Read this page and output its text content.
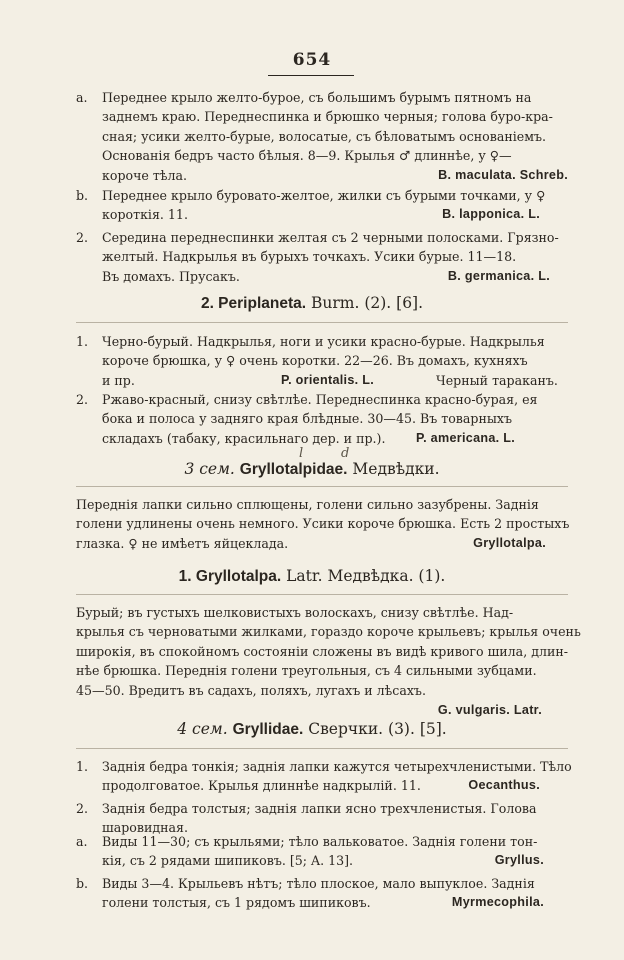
654
a. Переднее крыло желто-бурое, съ большимъ бурымъ пятномъ на
заднемъ краю. Переднеспинка и брюшко черныя; голова буро-кра-
сная; усики желто-бурые, волосатые, съ бѣловатымъ основаніемъ.
Основанія бедръ часто бѣлыя. 8—9. Крылья ♂ длиннѣе, у ♀—
короче тѣла.	B. maculata. Schreb.
b. Переднее крыло буровато-желтое, жилки съ бурыми точками, у ♀
короткія. 11.	B. lapponica. L.
2. Середина переднеспинки желтая съ 2 черными полосками. Грязно-
желтый. Надкрылья въ бурыхъ точкахъ. Усики бурые. 11—18.
Въ домахъ. Прусакъ.	B. germanica. L.
2. Periplaneta. Burm. (2). [6].
1. Черно-бурый. Надкрылья, ноги и усики красно-бурые. Надкрылья
короче брюшка, у ♀ очень коротки. 22—26. Въ домахъ, кухняхъ
и пр.	P. orientalis. L.	Черный тараканъ.
2. Ржаво-красный, снизу свѣтлѣе. Переднеспинка красно-бурая, ея
бока и полоса у задняго края блѣдные. 30—45. Въ товарныхъ
складахъ (табаку, красильнаго дер. и пр.). P. americana. L.
l	d
3 сем. Gryllotalpidae. Медвѣдки.
Переднія лапки сильно сплющены, голени сильно зазубрены. Заднія
голени удлинены очень немного. Усики короче брюшка. Есть 2 простыхъ
глазка. ♀ не имѣетъ яйцеклада.	Gryllotalpa.
1. Gryllotalpa. Latr. Медвѣдка. (1).
Бурый; въ густыхъ шелковистыхъ волоскахъ, снизу свѣтлѣе. Над-
крылья съ черноватыми жилками, гораздо короче крыльевъ; крылья очень
широкія, въ спокойномъ состояніи сложены въ видѣ кривого шила, длин-
нѣе брюшка. Переднія голени треугольныя, съ 4 сильными зубцами.
45—50. Вредитъ въ садахъ, поляхъ, лугахъ и лѣсахъ.
G. vulgaris. Latr.
4 сем. Gryllidae. Сверчки. (3). [5].
1. Заднія бедра тонкія; заднія лапки кажутся четырехчленистыми. Тѣло
продолговатое. Крылья длиннѣе надкрылій. 11.	Oecanthus.
2. Заднія бедра толстыя; заднія лапки ясно трехчленистыя. Голова
шаровидная.
a. Виды 11—30; съ крыльями; тѣло вальковатое. Заднія голени тон-
кія, съ 2 рядами шипиковъ. [5; A. 13].	Gryllus.
b. Виды 3—4. Крыльевъ нѣтъ; тѣло плоское, мало выпуклое. Заднія
голени толстыя, съ 1 рядомъ шипиковъ.	Myrmecophila.
